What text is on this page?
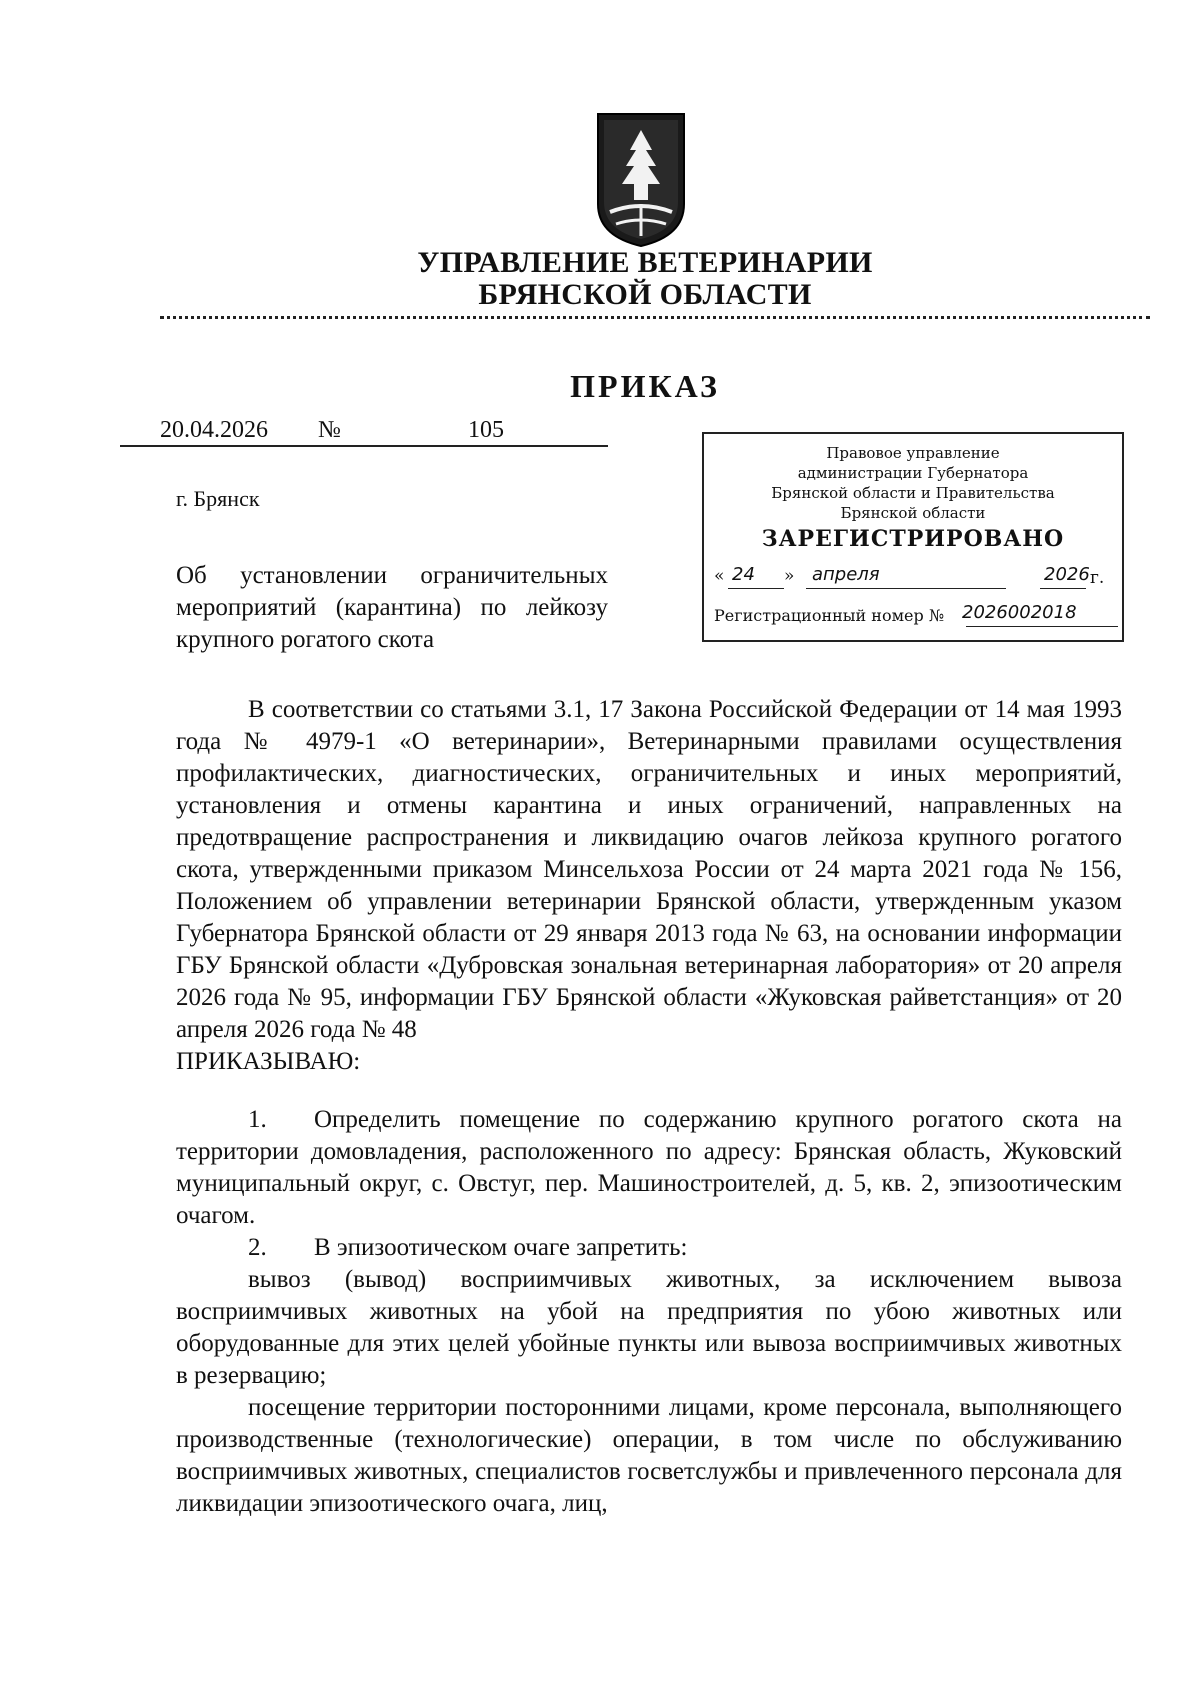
УПРАВЛЕНИЕ ВЕТЕРИНАРИИ
БРЯНСКОЙ ОБЛАСТИ
ПРИКАЗ
20.04.2026 №	105
г. Брянск
Об установлении ограничительных мероприятий (карантина) по лейкозу крупного рогатого скота
Правовое управление
администрации Губернатора
Брянской области и Правительства
Брянской области
ЗАРЕГИСТРИРОВАНО
« 24 » апреля	2026 г.
Регистрационный номер № 2026002018

В соответствии со статьями 3.1, 17 Закона Российской Федерации от 14 мая 1993 года № 4979-1 «О ветеринарии», Ветеринарными правилами осуществления профилактических, диагностических, ограничительных и иных мероприятий, установления и отмены карантина и иных ограничений, направленных на предотвращение распространения и ликвидацию очагов лейкоза крупного рогатого скота, утвержденными приказом Минсельхоза России от 24 марта 2021 года № 156, Положением об управлении ветеринарии Брянской области, утвержденным указом Губернатора Брянской области от 29 января 2013 года № 63, на основании информации ГБУ Брянской области «Дубровская зональная ветеринарная лаборатория» от 20 апреля 2026 года № 95, информации ГБУ Брянской области «Жуковская райветстанция» от 20 апреля 2026 года № 48

ПРИКАЗЫВАЮ:

1. Определить помещение по содержанию крупного рогатого скота на территории домовладения, расположенного по адресу: Брянская область, Жуковский муниципальный округ, с. Овстуг, пер. Машиностроителей, д. 5, кв. 2, эпизоотическим очагом.

2. В эпизоотическом очаге запретить:

вывоз (вывод) восприимчивых животных, за исключением вывоза восприимчивых животных на убой на предприятия по убою животных или оборудованные для этих целей убойные пункты или вывоза восприимчивых животных в резервацию;

посещение территории посторонними лицами, кроме персонала, выполняющего производственные (технологические) операции, в том числе по обслуживанию восприимчивых животных, специалистов госветслужбы и привлеченного персонала для ликвидации эпизоотического очага, лиц,
